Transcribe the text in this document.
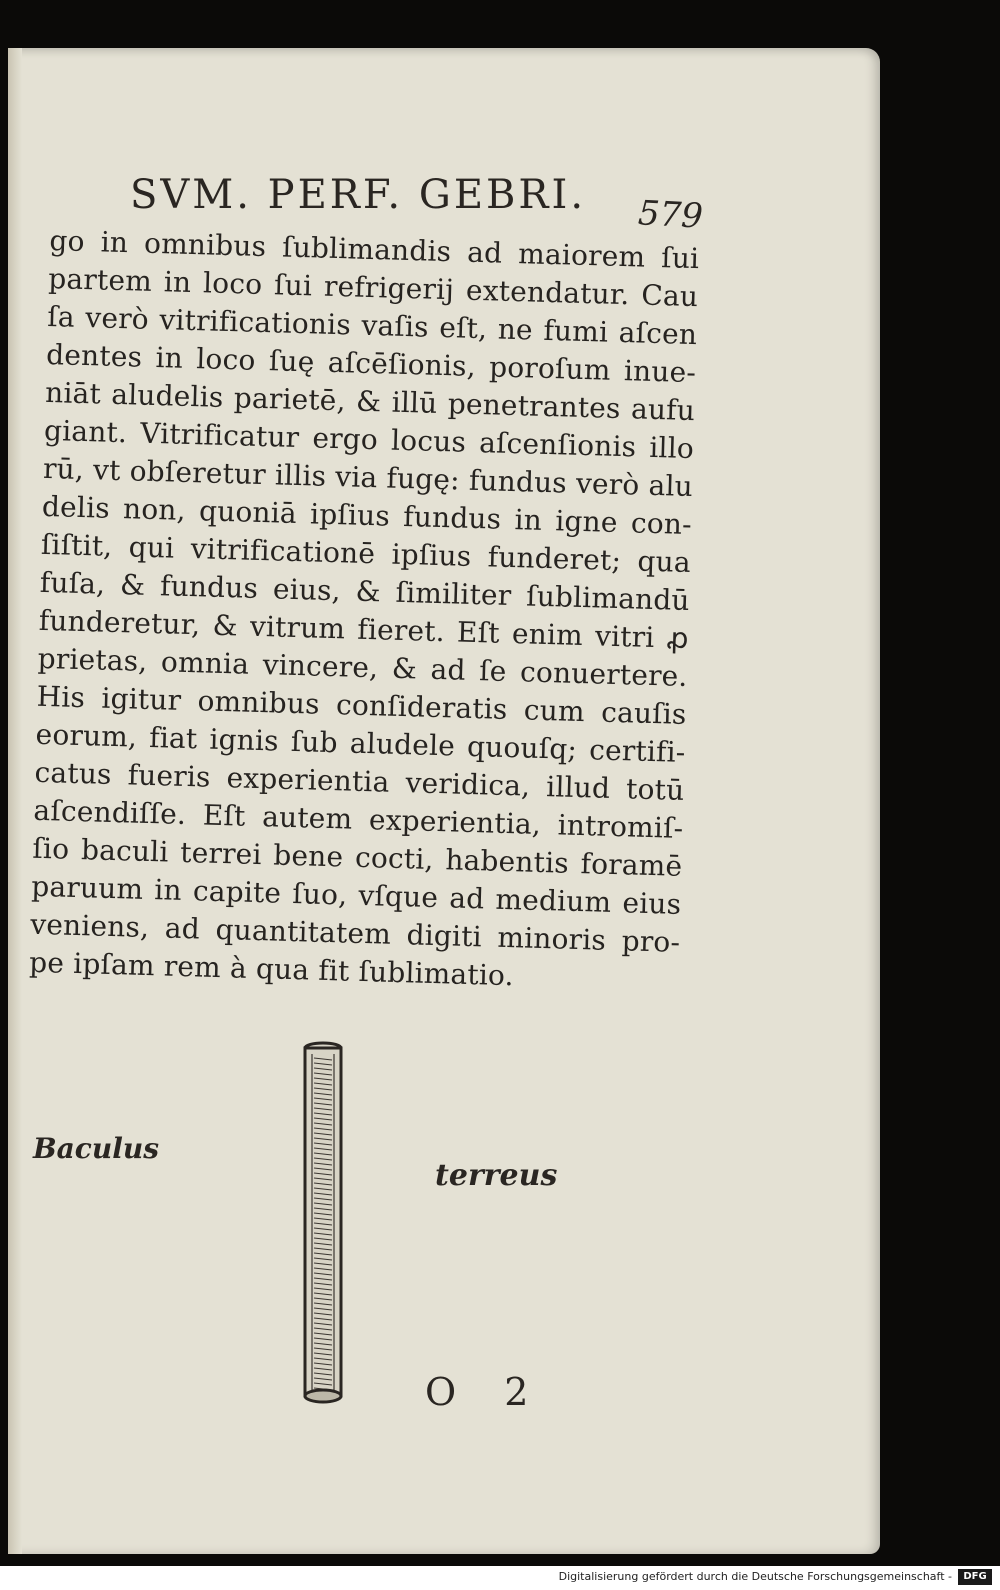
SVM. PERF. GEBRI.	579
go in omnibus ſublimandis ad maiorem ſui
partem in loco ſui refrigerij extendatur. Cau
ſa verò vitrificationis vaſis eſt, ne fumi aſcen
dentes in loco ſuę aſcēſionis, poroſum inue-
niāt aludelis parietē, & illū penetrantes aufu
giant. Vitrificatur ergo locus aſcenſionis illo
rū, vt obſeretur illis via fugę: fundus verò alu
delis non, quoniā ipſius fundus in igne con-
ſiſtit, qui vitrificationē ipſius funderet; qua
fuſa, & fundus eius, & ſimiliter ſublimandū
funderetur, & vitrum fieret. Eſt enim vitri ꝓ
prietas, omnia vincere, & ad ſe conuertere.
His igitur omnibus conſideratis cum cauſis
eorum, fiat ignis ſub aludele quouſq; certifi-
catus fueris experientia veridica, illud totū
aſcendiſſe. Eſt autem experientia, intromiſ-
ſio baculi terrei bene cocti, habentis foramē
paruum in capite ſuo, vſque ad medium eius
veniens, ad quantitatem digiti minoris pro-
pe ipſam rem à qua fit ſublimatio.
Baculus
terreus
O 2
Digitalisierung gefördert durch die Deutsche Forschungsgemeinschaft -	DFG
